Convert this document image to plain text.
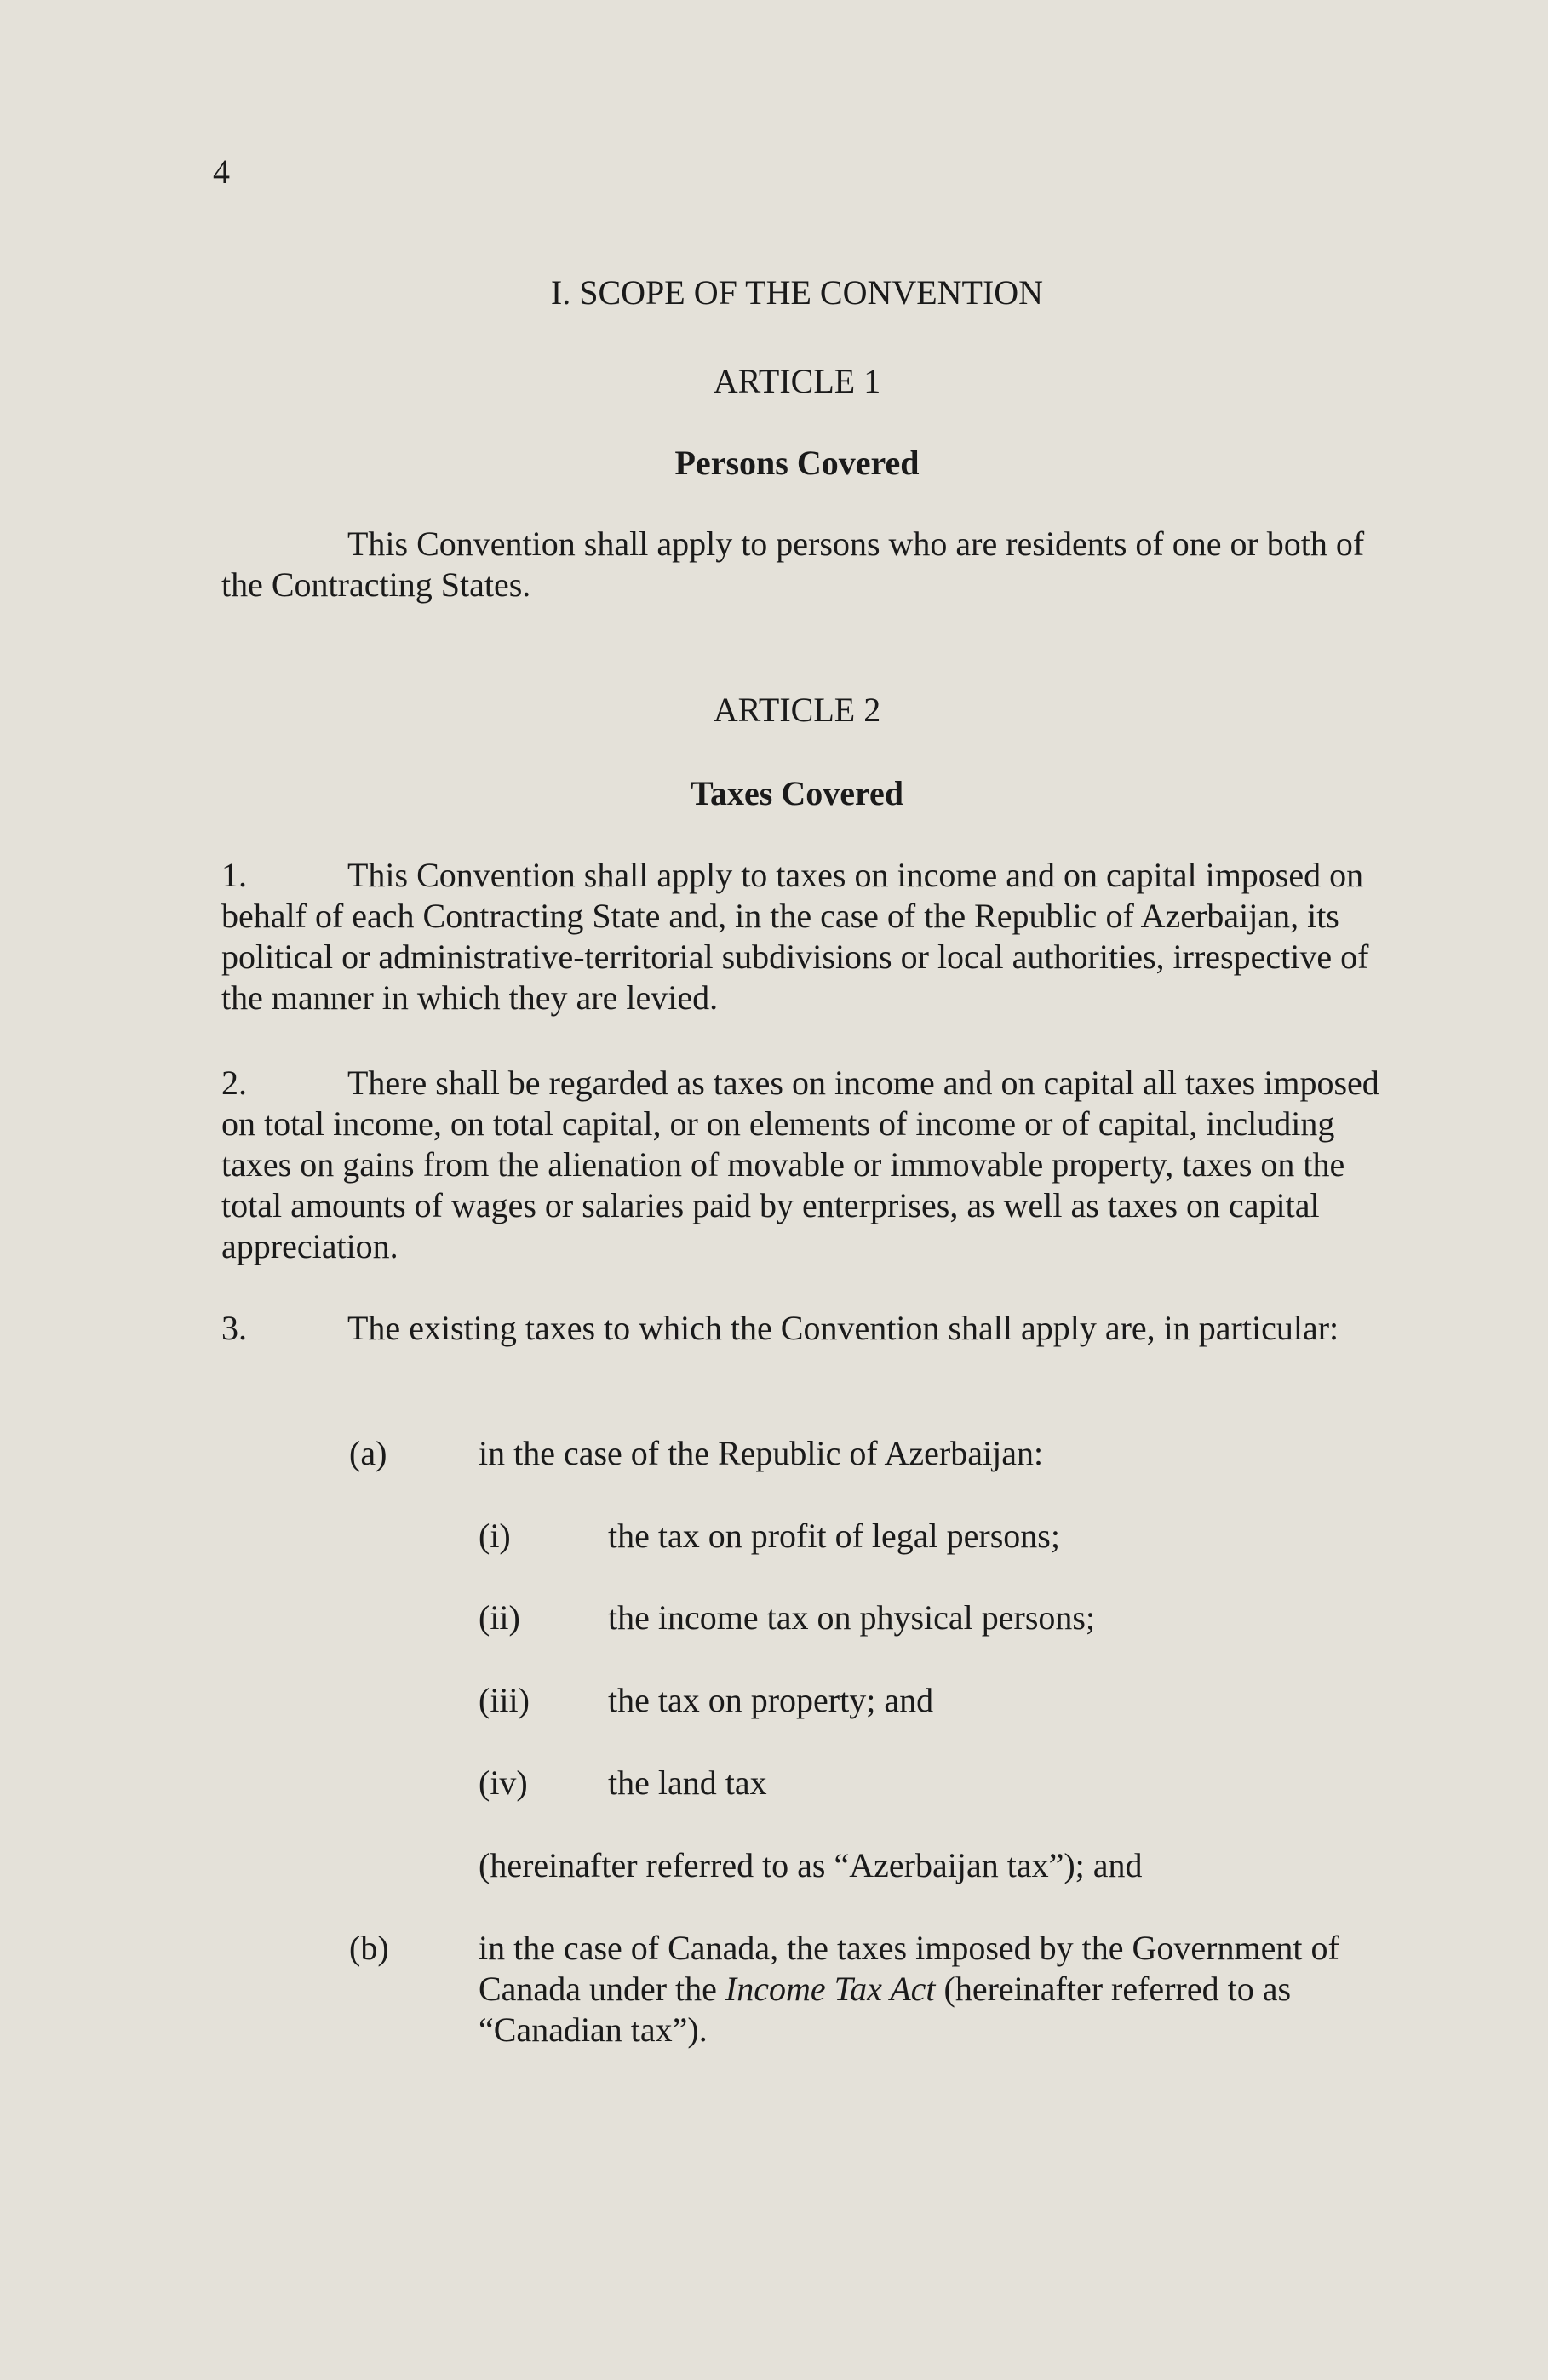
4
I. SCOPE OF THE CONVENTION
ARTICLE 1
Persons Covered
This Convention shall apply to persons who are residents of one or both of the Contracting States.
ARTICLE 2
Taxes Covered
1.	This Convention shall apply to taxes on income and on capital imposed on behalf of each Contracting State and, in the case of the Republic of Azerbaijan, its political or administrative-territorial subdivisions or local authorities, irrespective of the manner in which they are levied.
2.	There shall be regarded as taxes on income and on capital all taxes imposed on total income, on total capital, or on elements of income or of capital, including taxes on gains from the alienation of movable or immovable property, taxes on the total amounts of wages or salaries paid by enterprises, as well as taxes on capital appreciation.
3.	The existing taxes to which the Convention shall apply are, in particular:
(a)	in the case of the Republic of Azerbaijan:
(i)	the tax on profit of legal persons;
(ii)	the income tax on physical persons;
(iii) the tax on property; and
(iv) the land tax
(hereinafter referred to as “Azerbaijan tax”); and
(b)	in the case of Canada, the taxes imposed by the Government of Canada under the Income Tax Act (hereinafter referred to as “Canadian tax”).
